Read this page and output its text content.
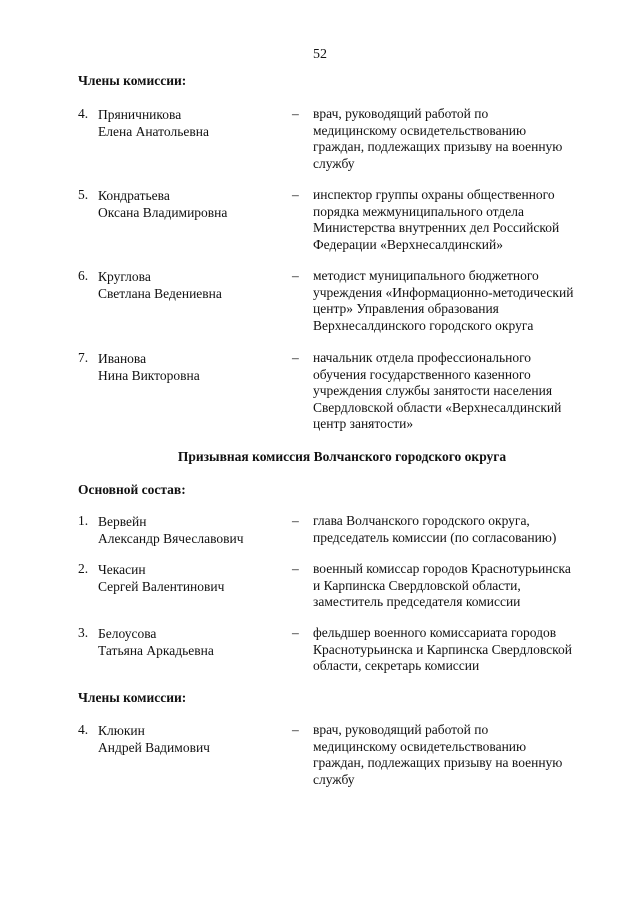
52
Члены комиссии:
4. Пряничникова
Елена Анатольевна
– врач, руководящий работой по
медицинскому освидетельствованию
граждан, подлежащих призыву на военную
службу
5. Кондратьева
Оксана Владимировна
– инспектор группы охраны общественного
порядка межмуниципального отдела
Министерства внутренних дел Российской
Федерации «Верхнесалдинский»
6. Круглова
Светлана Ведениевна
– методист муниципального бюджетного
учреждения «Информационно-методический
центр» Управления образования
Верхнесалдинского городского округа
7. Иванова
Нина Викторовна
– начальник отдела профессионального
обучения государственного казенного
учреждения службы занятости населения
Свердловской области «Верхнесалдинский
центр занятости»
Призывная комиссия Волчанского городского округа
Основной состав:
1. Вервейн
Александр Вячеславович
– глава Волчанского городского округа,
председатель комиссии (по согласованию)
2. Чекасин
Сергей Валентинович
– военный комиссар городов Краснотурьинска
и Карпинска Свердловской области,
заместитель председателя комиссии
3. Белоусова
Татьяна Аркадьевна
– фельдшер военного комиссариата городов
Краснотурьинска и Карпинска Свердловской
области, секретарь комиссии
Члены комиссии:
4. Клюкин
Андрей Вадимович
– врач, руководящий работой по
медицинскому освидетельствованию
граждан, подлежащих призыву на военную
службу
